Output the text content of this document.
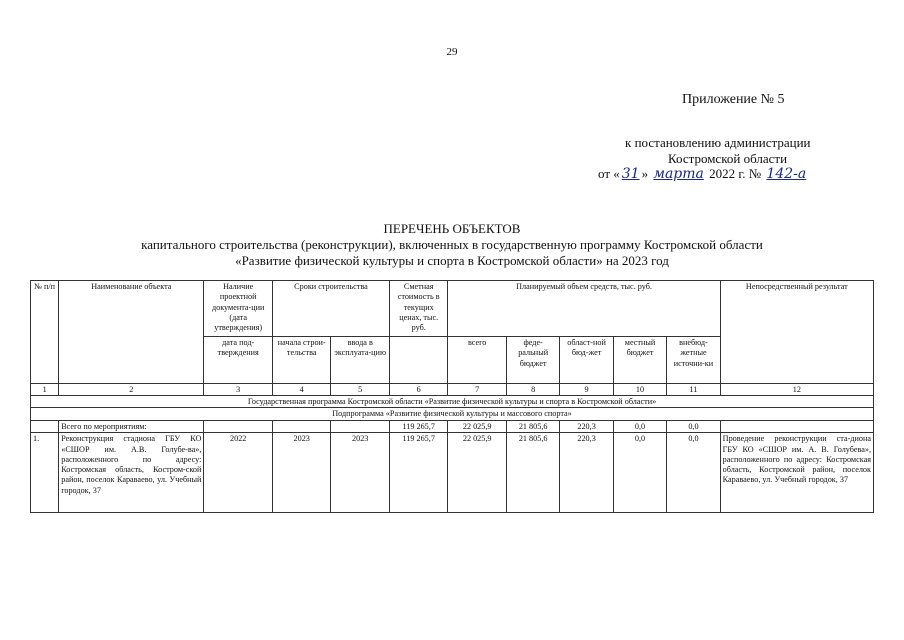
29
Приложение № 5
к постановлению администрации
Костромской области
от « 31 » марта 2022 г. № 142-а
ПЕРЕЧЕНЬ ОБЪЕКТОВ
капитального строительства (реконструкции), включенных в государственную программу Костромской области
«Развитие физической культуры и спорта в Костромской области» на 2023 год
№ п/п	Наименование объекта	Наличие проектной документа-ции (дата утверждения)	Сроки строительства		Сметная стоимость в текущих ценах, тыс. руб.	Планируемый объем средств, тыс. руб.					Непосредственный результат
		дата под-тверждения	начала строи-тельства	ввода в эксплуата-цию		всего	феде-ральный бюджет	област-ной бюд-жет	местный бюджет	внебюд-жетные источни-ки	
1	2	3	4	5	6	7	8	9	10	11	12
Государственная программа Костромской области «Развитие физической культуры и спорта в Костромской области»											
Подпрограмма «Развитие физической культуры и массового спорта»											
	Всего по мероприятиям:				119 265,7	22 025,9	21 805,6	220,3	0,0	0,0	
1.	Реконструкция стадиона ГБУ КО «СШОР им. А.В. Голубе-ва», расположенного по адресу: Костромская область, Костром-ской район, поселок Караваево, ул. Учебный городок, 37	2022	2023	2023	119 265,7	22 025,9	21 805,6	220,3	0,0	0,0	Проведение реконструкции ста-диона ГБУ КО «СШОР им. А. В. Голубева», расположенного по адресу: Костромская область, Костромской район, поселок Караваево, ул. Учебный городок, 37
